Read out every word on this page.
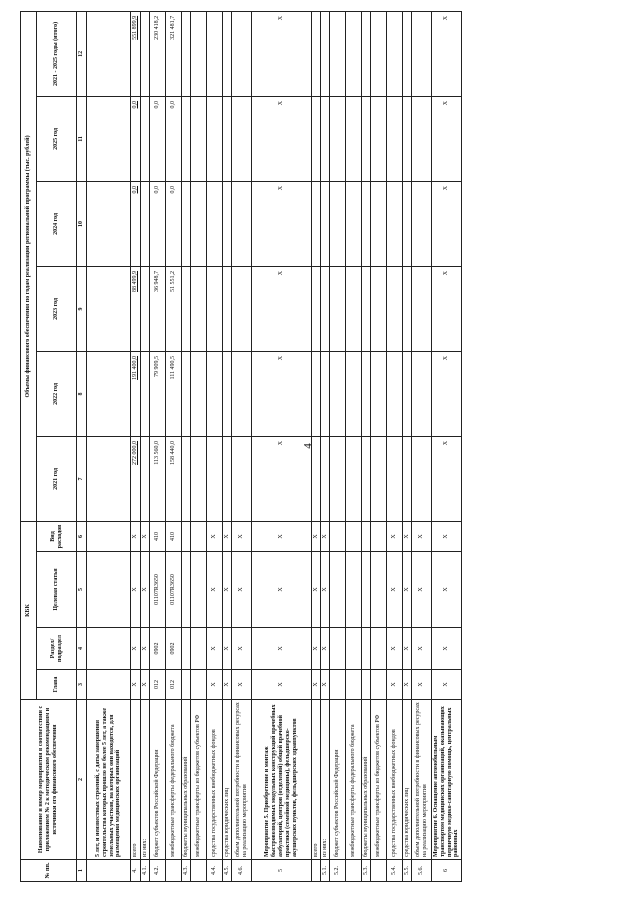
4
№ пп.	Наименование и номер мероприятия в соответствии с приложением № 2 к методическим рекомендациям и источники его финансового обеспечения	КБК				Объемы финансового обеспечения по годам реализации региональной программы (тыс. рублей)					
		Глава	Раздел/ подраздел	Целевая статья	Вид расходов	2021 год	2022 год	2023 год	2024 год	2025 год	2021 - 2025 годы (итого)

1	2	3	4	5	6	7	8	9	10	11	12
	5 лет, и неизвестных строений, с даты завершения строительства которых прошло не более 5 лет, а также земельных участков, на которых они находятся, для размещения медицинских организаций										
4.	всего	X	X	X	X	272 000,0	191 400,0	88 499,9	0,0	0,0	551 899,9
4.1.	из них:	X	X	X	X						
4.2.	бюджет субъектов Российской Федерации	012	0902	01107R3650	410	113 560,0	79 909,5	36 948,7	0,0	0,0	230 418,2
	межбюджетные трансферты федерального бюджета	012	0902	01107R3650	410	158 440,0	111 490,5	51 551,2	0,0	0,0	321 481,7
4.3.	бюджеты муниципальных образований										
	межбюджетные трансферты из бюджетов субъектов РФ										
4.4.	средства государственных внебюджетных фондов	X	X	X	X						
4.5.	средства юридических лиц	X	X	X	X						
4.6.	объем дополнительной потребности в финансовых ресурсах на реализацию мероприятия	X	X	X	X						
5	Мероприятие 5. Приобретение и монтаж быстровозводимых модульных конструкций врачебных амбулаторий, центров (отделений) общей врачебной практики (семейной медицины), фельдшерско-акушерских пунктов, фельдшерских здравпунктов	X	X	X	X	X	X	X	X	X	X
	всего	X	X	X	X						
5.1.	из них:	X	X	X	X						
5.2.	бюджет субъектов Российской Федерации										
	межбюджетные трансферты федерального бюджета										
5.3.	бюджеты муниципальных образований										
	межбюджетные трансферты из бюджетов субъектов РФ										
5.4.	средства государственных внебюджетных фондов	X	X	X	X						
5.5.	средства юридических лиц	X	X	X	X						
5.6.	объем дополнительной потребности в финансовых ресурсах на реализацию мероприятия	X	X	X	X						
6	Мероприятие 6. Оснащение автомобильным транспортом медицинских организаций, оказывающих первичную медико-санитарную помощь, центральных районных	X	X	X	X	X	X	X	X	X	X
